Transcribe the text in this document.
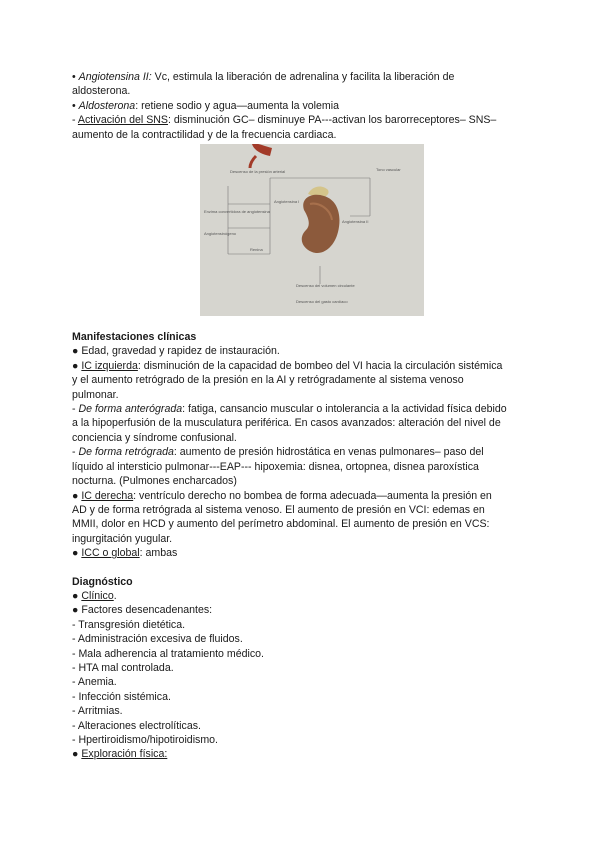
• Angiotensina II: Vc, estimula la liberación de adrenalina y facilita la liberación de
aldosterona.
• Aldosterona: retiene sodio y agua—aumenta la volemia
- Activación del SNS: disminución GC– disminuye PA---activan los barorreceptores– SNS–
aumento de la contractilidad y de la frecuencia cardiaca.
Descenso de la presión arterial	Tono vascular
Angiotensina I
Angiotensina II
Enzima convertidora de angiotensina
Angiotensinógeno
Renina
Descenso del volumen circulante
Descenso del gasto cardíaco
Manifestaciones clínicas
● Edad, gravedad y rapidez de instauración.
● IC izquierda: disminución de la capacidad de bombeo del VI hacia la circulación sistémica
y el aumento retrógrado de la presión en la AI y retrógradamente al sistema venoso
pulmonar.
- De forma anterógrada: fatiga, cansancio muscular o intolerancia a la actividad física debido
a la hipoperfusión de la musculatura periférica. En casos avanzados: alteración del nivel de
conciencia y síndrome confusional.
- De forma retrógrada: aumento de presión hidrostática en venas pulmonares– paso del
líquido al intersticio pulmonar---EAP--- hipoxemia: disnea, ortopnea, disnea paroxística
nocturna. (Pulmones encharcados)
● IC derecha: ventrículo derecho no bombea de forma adecuada—aumenta la presión en
AD y de forma retrógrada al sistema venoso. El aumento de presión en VCI: edemas en
MMII, dolor en HCD y aumento del perímetro abdominal. El aumento de presión en VCS:
ingurgitación yugular.
● ICC o global: ambas
Diagnóstico
● Clínico.
● Factores desencadenantes:
- Transgresión dietética.
- Administración excesiva de fluidos.
- Mala adherencia al tratamiento médico.
- HTA mal controlada.
- Anemia.
- Infección sistémica.
- Arritmias.
- Alteraciones electrolíticas.
- Hpertiroidismo/hipotiroidismo.
● Exploración física:
